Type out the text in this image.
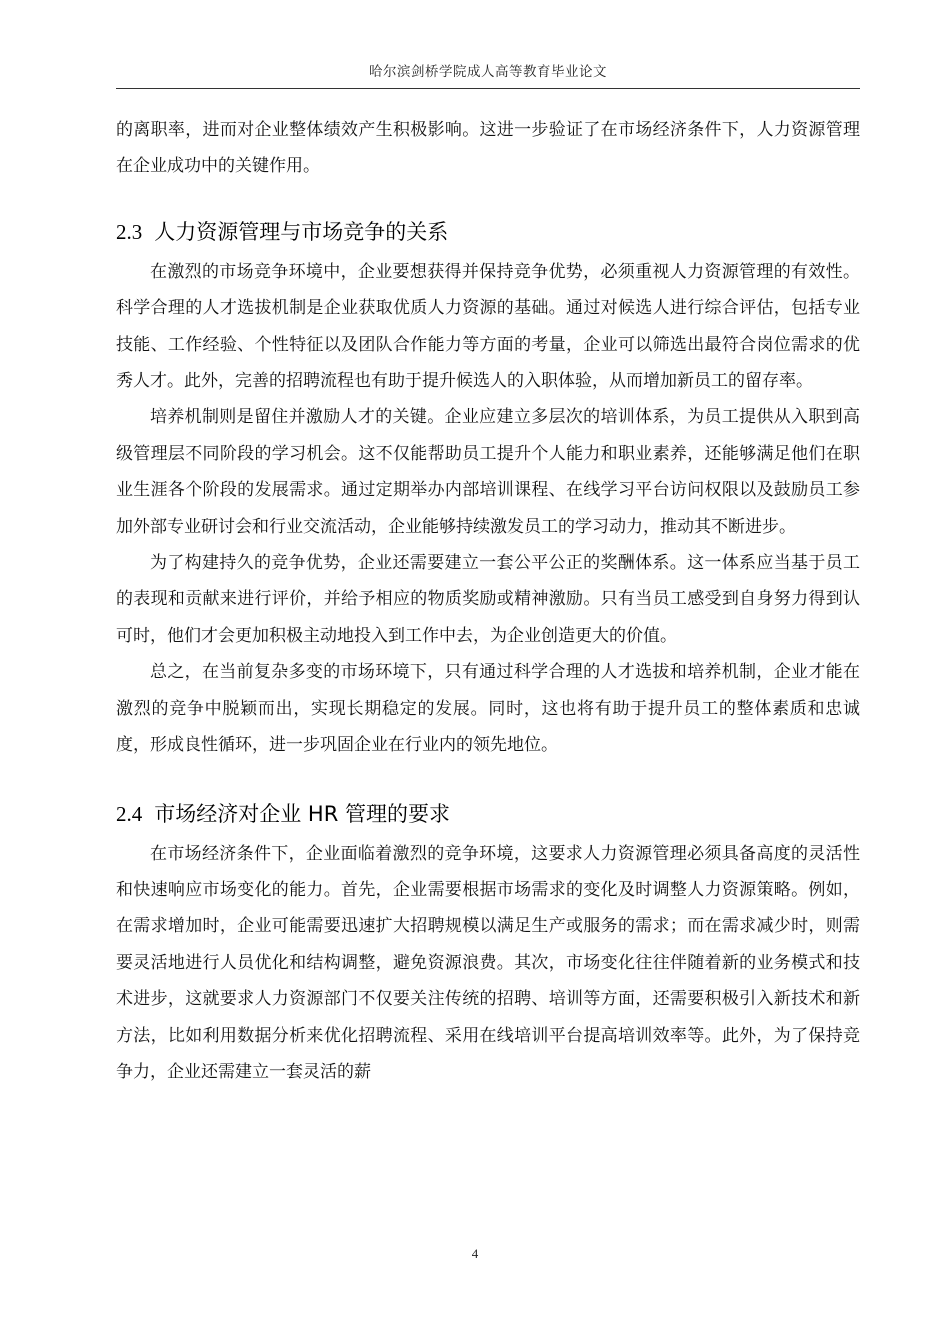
哈尔滨剑桥学院成人高等教育毕业论文

的离职率，进而对企业整体绩效产生积极影响。这进一步验证了在市场经济条件下，人力资源管理在企业成功中的关键作用。

2.3 人力资源管理与市场竞争的关系

在激烈的市场竞争环境中，企业要想获得并保持竞争优势，必须重视人力资源管理的有效性。科学合理的人才选拔机制是企业获取优质人力资源的基础。通过对候选人进行综合评估，包括专业技能、工作经验、个性特征以及团队合作能力等方面的考量，企业可以筛选出最符合岗位需求的优秀人才。此外，完善的招聘流程也有助于提升候选人的入职体验，从而增加新员工的留存率。

培养机制则是留住并激励人才的关键。企业应建立多层次的培训体系，为员工提供从入职到高级管理层不同阶段的学习机会。这不仅能帮助员工提升个人能力和职业素养，还能够满足他们在职业生涯各个阶段的发展需求。通过定期举办内部培训课程、在线学习平台访问权限以及鼓励员工参加外部专业研讨会和行业交流活动，企业能够持续激发员工的学习动力，推动其不断进步。

为了构建持久的竞争优势，企业还需要建立一套公平公正的奖酬体系。这一体系应当基于员工的表现和贡献来进行评价，并给予相应的物质奖励或精神激励。只有当员工感受到自身努力得到认可时，他们才会更加积极主动地投入到工作中去，为企业创造更大的价值。

总之，在当前复杂多变的市场环境下，只有通过科学合理的人才选拔和培养机制，企业才能在激烈的竞争中脱颖而出，实现长期稳定的发展。同时，这也将有助于提升员工的整体素质和忠诚度，形成良性循环，进一步巩固企业在行业内的领先地位。

2.4 市场经济对企业 HR 管理的要求

在市场经济条件下，企业面临着激烈的竞争环境，这要求人力资源管理必须具备高度的灵活性和快速响应市场变化的能力。首先，企业需要根据市场需求的变化及时调整人力资源策略。例如，在需求增加时，企业可能需要迅速扩大招聘规模以满足生产或服务的需求；而在需求减少时，则需要灵活地进行人员优化和结构调整，避免资源浪费。其次，市场变化往往伴随着新的业务模式和技术进步，这就要求人力资源部门不仅要关注传统的招聘、培训等方面，还需要积极引入新技术和新方法，比如利用数据分析来优化招聘流程、采用在线培训平台提高培训效率等。此外，为了保持竞争力，企业还需建立一套灵活的薪

4
